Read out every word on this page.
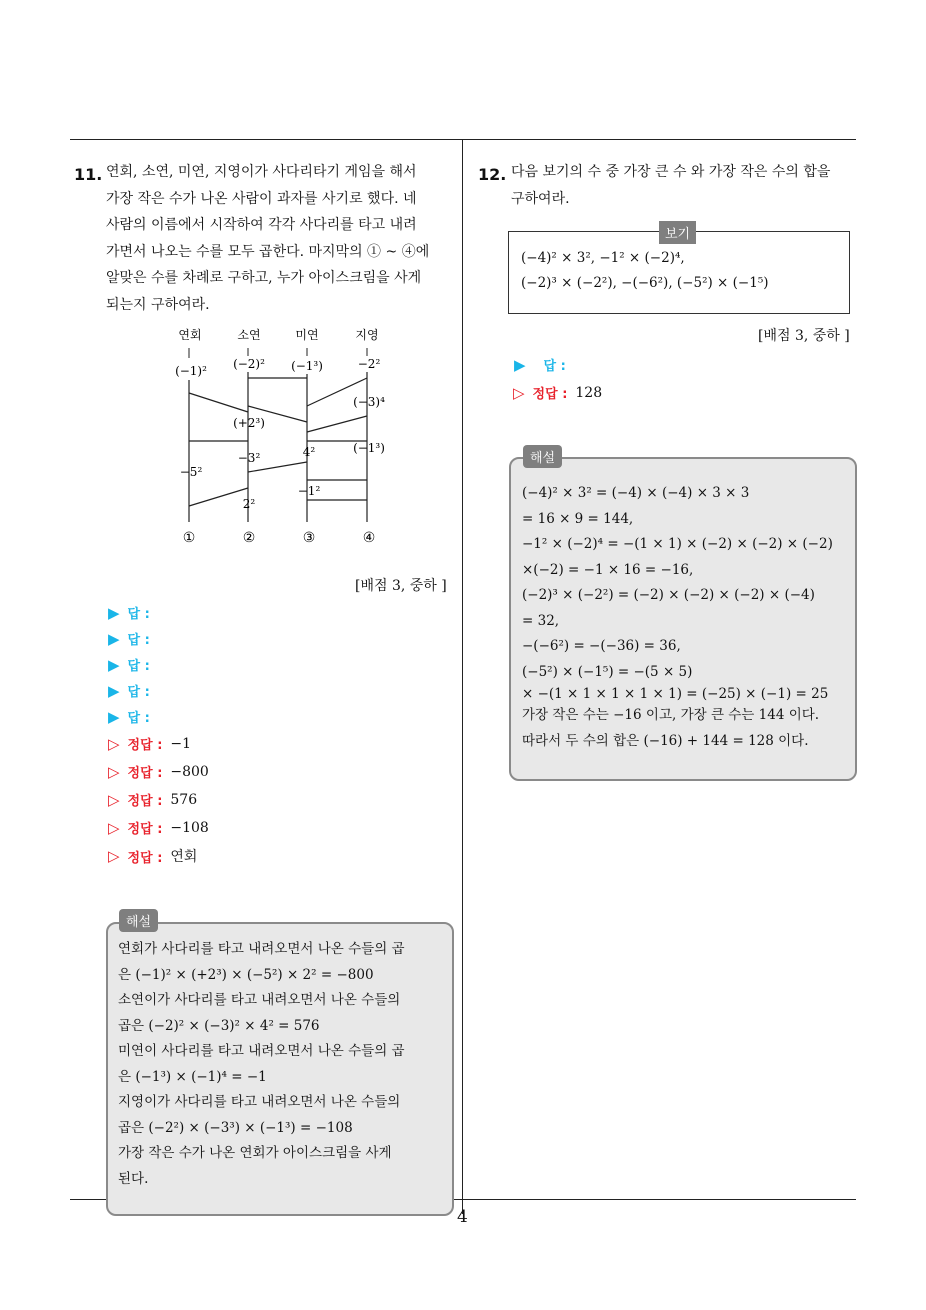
11. 연회, 소연, 미연, 지영이가 사다리타기 게임을 해서
가장 작은 수가 나온 사람이 과자를 사기로 했다. 네
사람의 이름에서 시작하여 각각 사다리를 타고 내려
가면서 나오는 수를 모두 곱한다. 마지막의 ① ~ ④에
알맞은 수를 차례로 구하고, 누가 아이스크림을 사게
되는지 구하여라.
연회	소연	미연	지영
(−1)² (−2)² (−1³)	−2²
(−3)⁴
(+2³)
−3²	4²	(−1³)
−5²
−1²
2²
①	②	③	④
[배점 3, 중하 ]
▶ 답 :
▶ 답 :
▶ 답 :
▶ 답 :
▶ 답 :
▷ 정답 : −1
▷ 정답 : −800
▷ 정답 : 576
▷ 정답 : −108
▷ 정답 : 연회
해설
연회가 사다리를 타고 내려오면서 나온 수들의 곱
은 (−1)² × (+2³) × (−5²) × 2² = −800
소연이가 사다리를 타고 내려오면서 나온 수들의
곱은 (−2)² × (−3)² × 4² = 576
미연이 사다리를 타고 내려오면서 나온 수들의 곱
은 (−1³) × (−1)⁴ = −1
지영이가 사다리를 타고 내려오면서 나온 수들의
곱은 (−2²) × (−3³) × (−1³) = −108
가장 작은 수가 나온 연회가 아이스크림을 사게
된다.
12. 다음 보기의 수 중 가장 큰 수 와 가장 작은 수의 합을
구하여라.
보기
(−4)² × 3², −1² × (−2)⁴,
(−2)³ × (−2²), −(−6²), (−5²) × (−1⁵)
[배점 3, 중하 ]
▶ 답 :
▷ 정답 : 128
해설
(−4)² × 3² = (−4) × (−4) × 3 × 3
= 16 × 9 = 144,
−1² × (−2)⁴ = −(1 × 1) × (−2) × (−2) × (−2)
×(−2) = −1 × 16 = −16,
(−2)³ × (−2²) = (−2) × (−2) × (−2) × (−4)
= 32,
−(−6²) = −(−36) = 36,
(−5²) × (−1⁵) = −(5 × 5)
× −(1 × 1 × 1 × 1 × 1) = (−25) × (−1) = 25
가장 작은 수는 −16 이고, 가장 큰 수는 144 이다.
따라서 두 수의 합은 (−16) + 144 = 128 이다.
4
